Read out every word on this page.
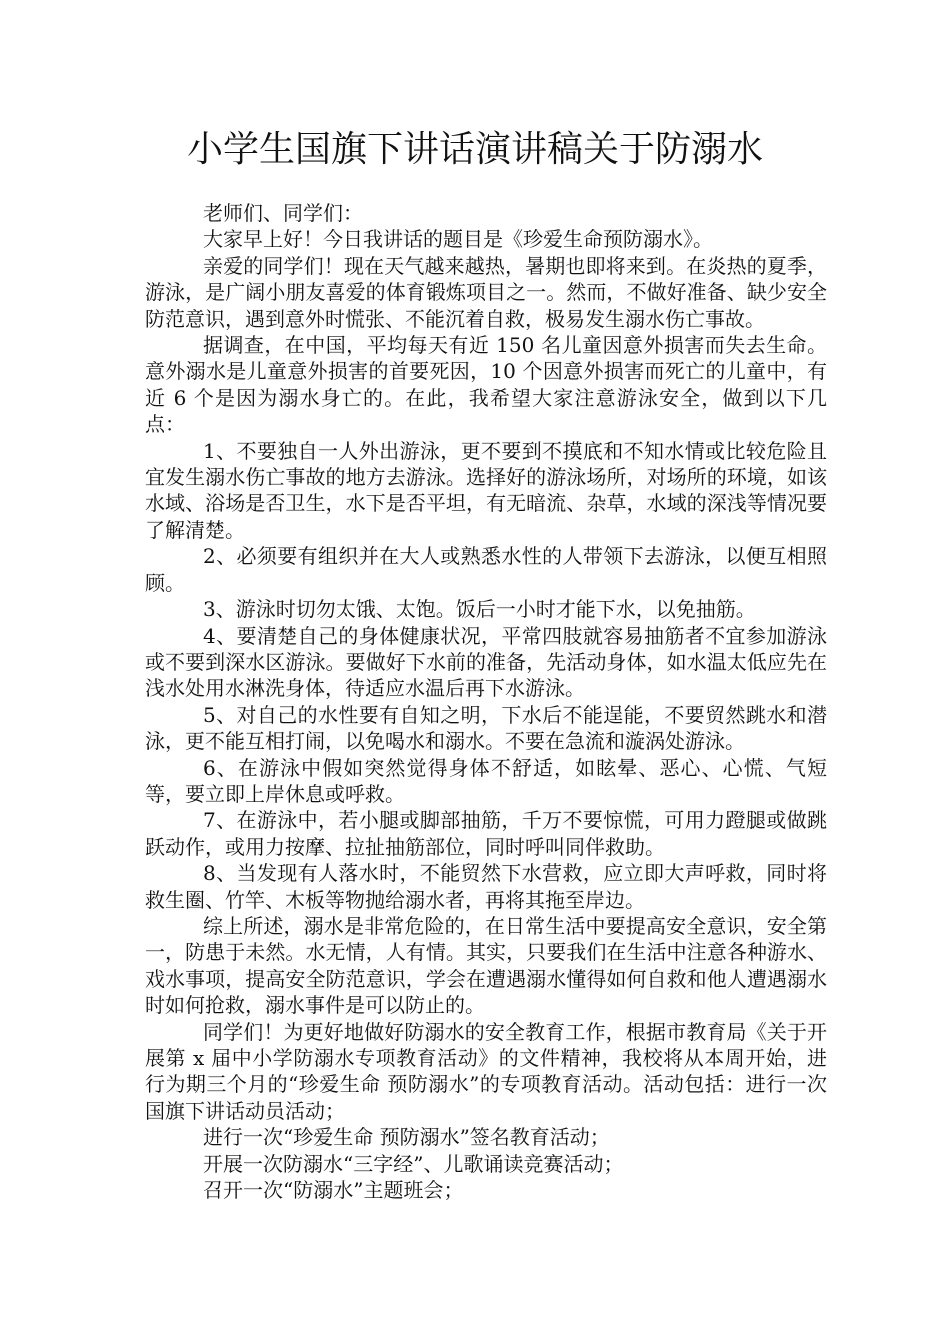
小学生国旗下讲话演讲稿关于防溺水

老师们、同学们：

大家早上好！今日我讲话的题目是《珍爱生命预防溺水》。

亲爱的同学们！现在天气越来越热，暑期也即将来到。在炎热的夏季，游泳，是广阔小朋友喜爱的体育锻炼项目之一。然而，不做好准备、缺少安全防范意识，遇到意外时慌张、不能沉着自救，极易发生溺水伤亡事故。

据调查，在中国，平均每天有近 150 名儿童因意外损害而失去生命。意外溺水是儿童意外损害的首要死因，10 个因意外损害而死亡的儿童中，有近 6 个是因为溺水身亡的。在此，我希望大家注意游泳安全，做到以下几点：

1、不要独自一人外出游泳，更不要到不摸底和不知水情或比较危险且宜发生溺水伤亡事故的地方去游泳。选择好的游泳场所，对场所的环境，如该水域、浴场是否卫生，水下是否平坦，有无暗流、杂草，水域的深浅等情况要了解清楚。

2、必须要有组织并在大人或熟悉水性的人带领下去游泳，以便互相照顾。

3、游泳时切勿太饿、太饱。饭后一小时才能下水，以免抽筋。

4、要清楚自己的身体健康状况，平常四肢就容易抽筋者不宜参加游泳或不要到深水区游泳。要做好下水前的准备，先活动身体，如水温太低应先在浅水处用水淋洗身体，待适应水温后再下水游泳。

5、对自己的水性要有自知之明，下水后不能逞能，不要贸然跳水和潜泳，更不能互相打闹，以免喝水和溺水。不要在急流和漩涡处游泳。

6、在游泳中假如突然觉得身体不舒适，如眩晕、恶心、心慌、气短等，要立即上岸休息或呼救。

7、在游泳中，若小腿或脚部抽筋，千万不要惊慌，可用力蹬腿或做跳跃动作，或用力按摩、拉扯抽筋部位，同时呼叫同伴救助。

8、当发现有人落水时，不能贸然下水营救，应立即大声呼救，同时将救生圈、竹竿、木板等物抛给溺水者，再将其拖至岸边。

综上所述，溺水是非常危险的，在日常生活中要提高安全意识，安全第一，防患于未然。水无情，人有情。其实，只要我们在生活中注意各种游水、戏水事项，提高安全防范意识，学会在遭遇溺水懂得如何自救和他人遭遇溺水时如何抢救，溺水事件是可以防止的。

同学们！为更好地做好防溺水的安全教育工作，根据市教育局《关于开展第 x 届中小学防溺水专项教育活动》的文件精神，我校将从本周开始，进行为期三个月的“珍爱生命 预防溺水”的专项教育活动。活动包括：进行一次国旗下讲话动员活动；

进行一次“珍爱生命 预防溺水”签名教育活动；

开展一次防溺水“三字经”、儿歌诵读竞赛活动；

召开一次“防溺水”主题班会；
